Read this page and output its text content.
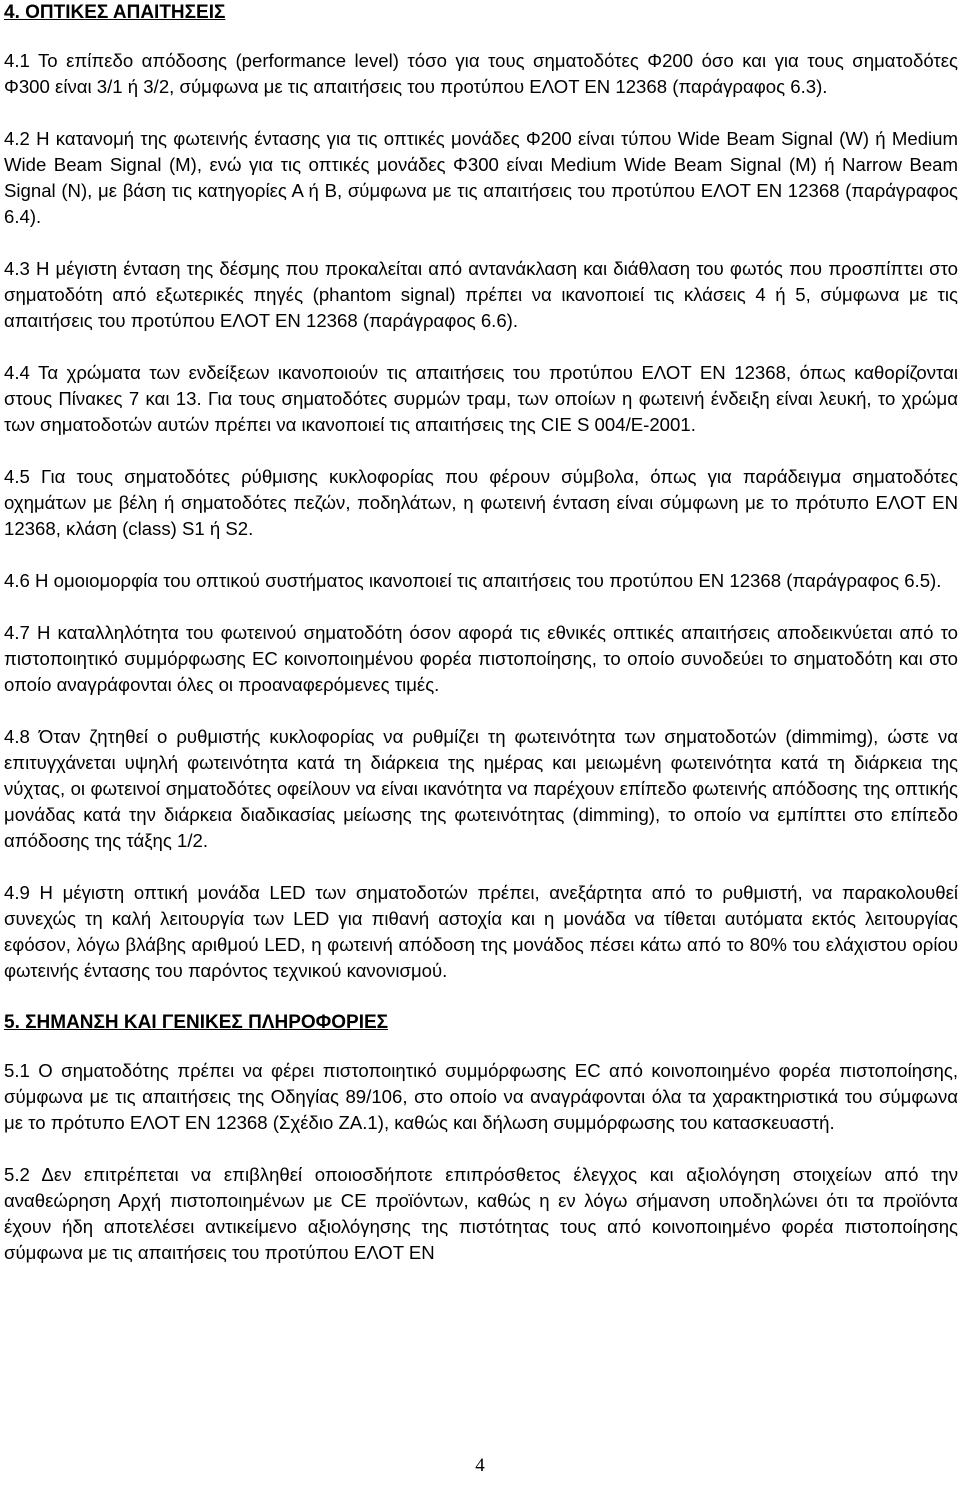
4. ΟΠΤΙΚΕΣ ΑΠΑΙΤΗΣΕΙΣ

4.1 Το επίπεδο απόδοσης (performance level) τόσο για τους σηματοδότες Φ200 όσο και για τους σηματοδότες Φ300 είναι 3/1 ή 3/2, σύμφωνα με τις απαιτήσεις του προτύπου ΕΛΟΤ ΕΝ 12368 (παράγραφος 6.3).

4.2 Η κατανομή της φωτεινής έντασης για τις οπτικές μονάδες Φ200 είναι τύπου Wide Beam Signal (W) ή Medium Wide Beam Signal (M), ενώ για τις οπτικές μονάδες Φ300 είναι Medium Wide Beam Signal (M) ή Narrow Beam Signal (N), με βάση τις κατηγορίες Α ή Β, σύμφωνα με τις απαιτήσεις του προτύπου ΕΛΟΤ ΕΝ 12368 (παράγραφος 6.4).

4.3 Η μέγιστη ένταση της δέσμης που προκαλείται από αντανάκλαση και διάθλαση του φωτός που προσπίπτει στο σηματοδότη από εξωτερικές πηγές (phantom signal) πρέπει να ικανοποιεί τις κλάσεις 4 ή 5, σύμφωνα με τις απαιτήσεις του προτύπου ΕΛΟΤ ΕΝ 12368 (παράγραφος 6.6).

4.4 Τα χρώματα των ενδείξεων ικανοποιούν τις απαιτήσεις του προτύπου ΕΛΟΤ ΕΝ 12368, όπως καθορίζονται στους Πίνακες 7 και 13. Για τους σηματοδότες συρμών τραμ, των οποίων η φωτεινή ένδειξη είναι λευκή, το χρώμα των σηματοδοτών αυτών πρέπει να ικανοποιεί τις απαιτήσεις της CIE S 004/E-2001.

4.5 Για τους σηματοδότες ρύθμισης κυκλοφορίας που φέρουν σύμβολα, όπως για παράδειγμα σηματοδότες οχημάτων με βέλη ή σηματοδότες πεζών, ποδηλάτων, η φωτεινή ένταση είναι σύμφωνη με το πρότυπο ΕΛΟΤ ΕΝ 12368, κλάση (class) S1 ή S2.

4.6 Η ομοιομορφία του οπτικού συστήματος ικανοποιεί τις απαιτήσεις του προτύπου ΕΝ 12368 (παράγραφος 6.5).

4.7 Η καταλληλότητα του φωτεινού σηματοδότη όσον αφορά τις εθνικές οπτικές απαιτήσεις αποδεικνύεται από το πιστοποιητικό συμμόρφωσης EC κοινοποιημένου φορέα πιστοποίησης, το οποίο συνοδεύει το σηματοδότη και στο οποίο αναγράφονται όλες οι προαναφερόμενες τιμές.

4.8 Όταν ζητηθεί ο ρυθμιστής κυκλοφορίας να ρυθμίζει τη φωτεινότητα των σηματοδοτών (dimmimg), ώστε να επιτυγχάνεται υψηλή φωτεινότητα κατά τη διάρκεια της ημέρας και μειωμένη φωτεινότητα κατά τη διάρκεια της νύχτας, οι φωτεινοί σηματοδότες οφείλουν να είναι ικανότητα να παρέχουν επίπεδο φωτεινής απόδοσης της οπτικής μονάδας κατά την διάρκεια διαδικασίας μείωσης της φωτεινότητας (dimming), το οποίο να εμπίπτει στο επίπεδο απόδοσης της τάξης 1/2.

4.9 Η μέγιστη οπτική μονάδα LED των σηματοδοτών πρέπει, ανεξάρτητα από το ρυθμιστή, να παρακολουθεί συνεχώς τη καλή λειτουργία των LED για πιθανή αστοχία και η μονάδα να τίθεται αυτόματα εκτός λειτουργίας εφόσον, λόγω βλάβης αριθμού LED, η φωτεινή απόδοση της μονάδος πέσει κάτω από το 80% του ελάχιστου ορίου φωτεινής έντασης του παρόντος τεχνικού κανονισμού.

5. ΣΗΜΑΝΣΗ ΚΑΙ ΓΕΝΙΚΕΣ ΠΛΗΡΟΦΟΡΙΕΣ

5.1 Ο σηματοδότης πρέπει να φέρει πιστοποιητικό συμμόρφωσης EC από κοινοποιημένο φορέα πιστοποίησης, σύμφωνα με τις απαιτήσεις της Οδηγίας 89/106, στο οποίο να αναγράφονται όλα τα χαρακτηριστικά του σύμφωνα με το πρότυπο ΕΛΟΤ ΕΝ 12368 (Σχέδιο ΖΑ.1), καθώς και δήλωση συμμόρφωσης του κατασκευαστή.

5.2 Δεν επιτρέπεται να επιβληθεί οποιοσδήποτε επιπρόσθετος έλεγχος και αξιολόγηση στοιχείων από την αναθεώρηση Αρχή πιστοποιημένων με CE προϊόντων, καθώς η εν λόγω σήμανση υποδηλώνει ότι τα προϊόντα έχουν ήδη αποτελέσει αντικείμενο αξιολόγησης της πιστότητας τους από κοινοποιημένο φορέα πιστοποίησης σύμφωνα με τις απαιτήσεις του προτύπου ΕΛΟΤ ΕΝ

4
